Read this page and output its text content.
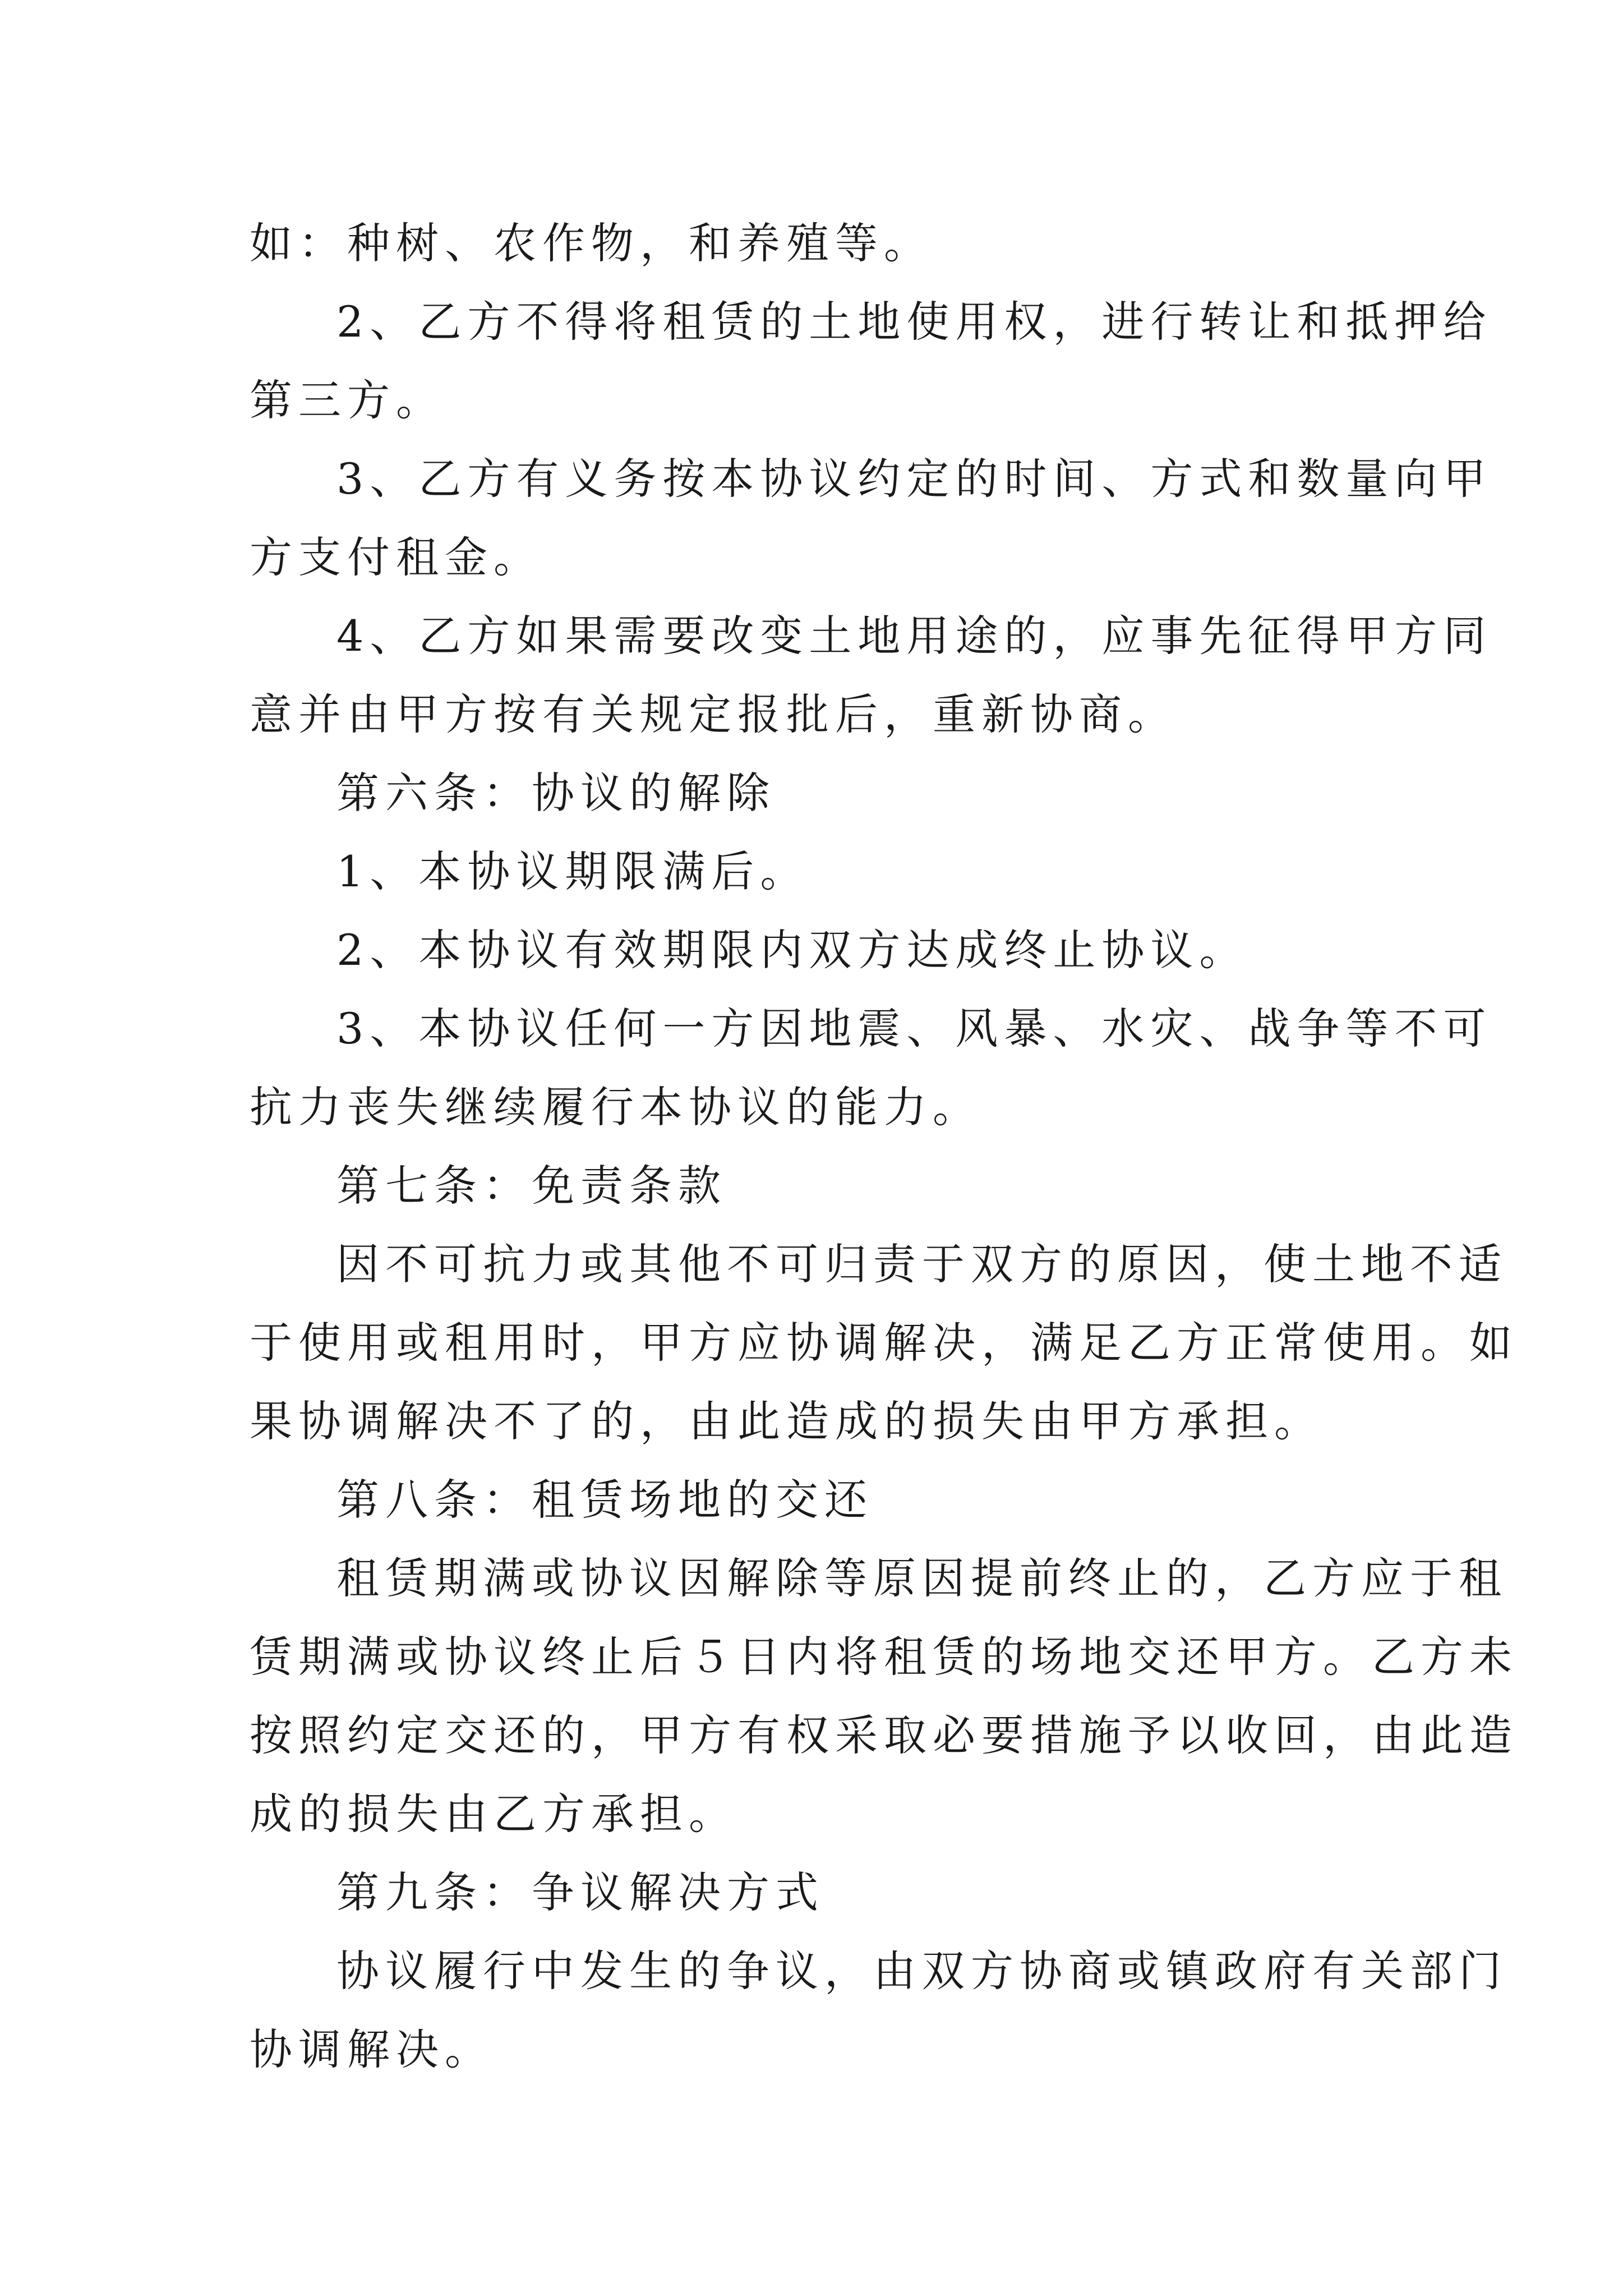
如：种树、农作物，和养殖等。
2、乙方不得将租赁的土地使用权，进行转让和抵押给
第三方。
3、乙方有义务按本协议约定的时间、方式和数量向甲
方支付租金。
4、乙方如果需要改变土地用途的，应事先征得甲方同
意并由甲方按有关规定报批后，重新协商。
第六条：协议的解除
1、本协议期限满后。
2、本协议有效期限内双方达成终止协议。
3、本协议任何一方因地震、风暴、水灾、战争等不可
抗力丧失继续履行本协议的能力。
第七条：免责条款
因不可抗力或其他不可归责于双方的原因，使土地不适
于使用或租用时，甲方应协调解决，满足乙方正常使用。如
果协调解决不了的，由此造成的损失由甲方承担。
第八条：租赁场地的交还
租赁期满或协议因解除等原因提前终止的，乙方应于租
赁期满或协议终止后５日内将租赁的场地交还甲方。乙方未
按照约定交还的，甲方有权采取必要措施予以收回，由此造
成的损失由乙方承担。
第九条：争议解决方式
协议履行中发生的争议，由双方协商或镇政府有关部门
协调解决。
